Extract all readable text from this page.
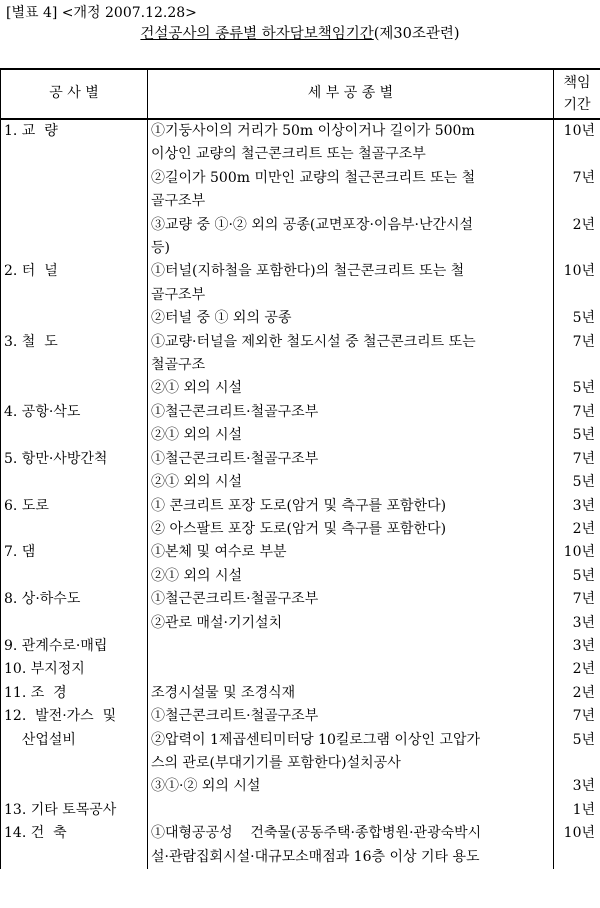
[별표 4] <개정 2007.12.28>
건설공사의 종류별 하자담보책임기간(제30조관련)
공 사 별	세 부 공 종 별	책임
기간
1. 교  량	①기둥사이의 거리가 50m 이상이거나 길이가 500m
이상인 교량의 철근콘크리트 또는 철골구조부	10년

	②길이가 500m 미만인 교량의 철근콘크리트 또는 철
골구조부	7년

	③교량 중 ①·② 외의 공종(교면포장·이음부·난간시설
등)	2년
2. 터  널	①터널(지하철을 포함한다)의 철근콘크리트 또는 철
골구조부	10년

	②터널 중 ① 외의 공종	5년
3. 철  도	①교량·터널을 제외한 철도시설 중 철근콘크리트 또는
철골구조	7년

	②① 외의 시설	5년
4. 공항·삭도	①철근콘크리트·철골구조부	7년

	②① 외의 시설	5년
5. 항만·사방간척	①철근콘크리트·철골구조부	7년

	②① 외의 시설	5년
6. 도로	① 콘크리트 포장 도로(암거 및 측구를 포함한다)	3년

	② 아스팔트 포장 도로(암거 및 측구를 포함한다)	2년
7. 댐	①본체 및 여수로 부분	10년

	②① 외의 시설	5년
8. 상·하수도	①철근콘크리트·철골구조부	7년

	②관로 매설·기기설치	3년
9. 관계수로·매립		3년
10. 부지정지		2년
11. 조  경	조경시설물 및 조경식재	2년
12.  발전·가스  및
산업설비	①철근콘크리트·철골구조부	7년

	②압력이 1제곱센티미터당 10킬로그램 이상인 고압가
스의 관로(부대기기를 포함한다)설치공사	5년

	③①·② 외의 시설	3년
13. 기타 토목공사		1년
14. 건  축	①대형공공성    건축물(공동주택·종합병원·관광숙박시
설·관람집회시설·대규모소매점과 16층 이상 기타 용도	10년
